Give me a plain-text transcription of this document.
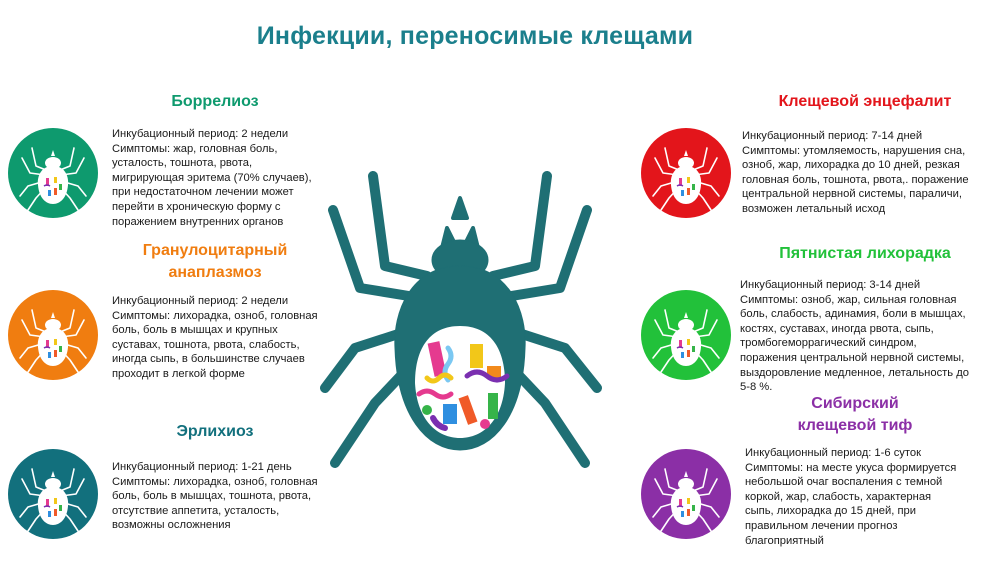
Инфекции, переносимые клещами
Боррелиоз
Инкубационный период: 2 недели
Симптомы: жар, головная боль,
усталость, тошнота, рвота,
мигрирующая эритема (70% случаев),
при недостаточном лечении может
перейти в хроническую форму с
поражением внутренних органов
Гранулоцитарный
анаплазмоз
Инкубационный период: 2 недели
Симптомы: лихорадка, озноб, головная
боль, боль в мышцах и крупных
суставах, тошнота, рвота, слабость,
иногда сыпь, в большинстве случаев
проходит в легкой форме
Эрлихиоз
Инкубационный период: 1-21 день
Симптомы: лихорадка, озноб, головная
боль, боль в мышцах, тошнота, рвота,
отсутствие аппетита, усталость,
возможны осложнения
Клещевой энцефалит
Инкубационный период: 7-14 дней
Симптомы: утомляемость, нарушения сна,
озноб, жар, лихорадка до 10 дней, резкая
головная боль, тошнота, рвота,. поражение
центральной нервной системы, параличи,
возможен летальный исход
Пятнистая лихорадка
Инкубационный период: 3-14 дней
Симптомы: озноб, жар, сильная головная
боль, слабость, адинамия, боли в мышцах,
костях, суставах, иногда рвота, сыпь,
тромбогеморрагический синдром,
поражения центральной нервной системы,
выздоровление медленное, летальность до
5-8 %.
Сибирский
клещевой тиф
Инкубационный период: 1-6 суток
Симптомы: на месте укуса формируется
небольшой очаг воспаления с темной
коркой, жар, слабость, характерная
сыпь, лихорадка до 15 дней, при
правильном лечении прогноз
благоприятный
